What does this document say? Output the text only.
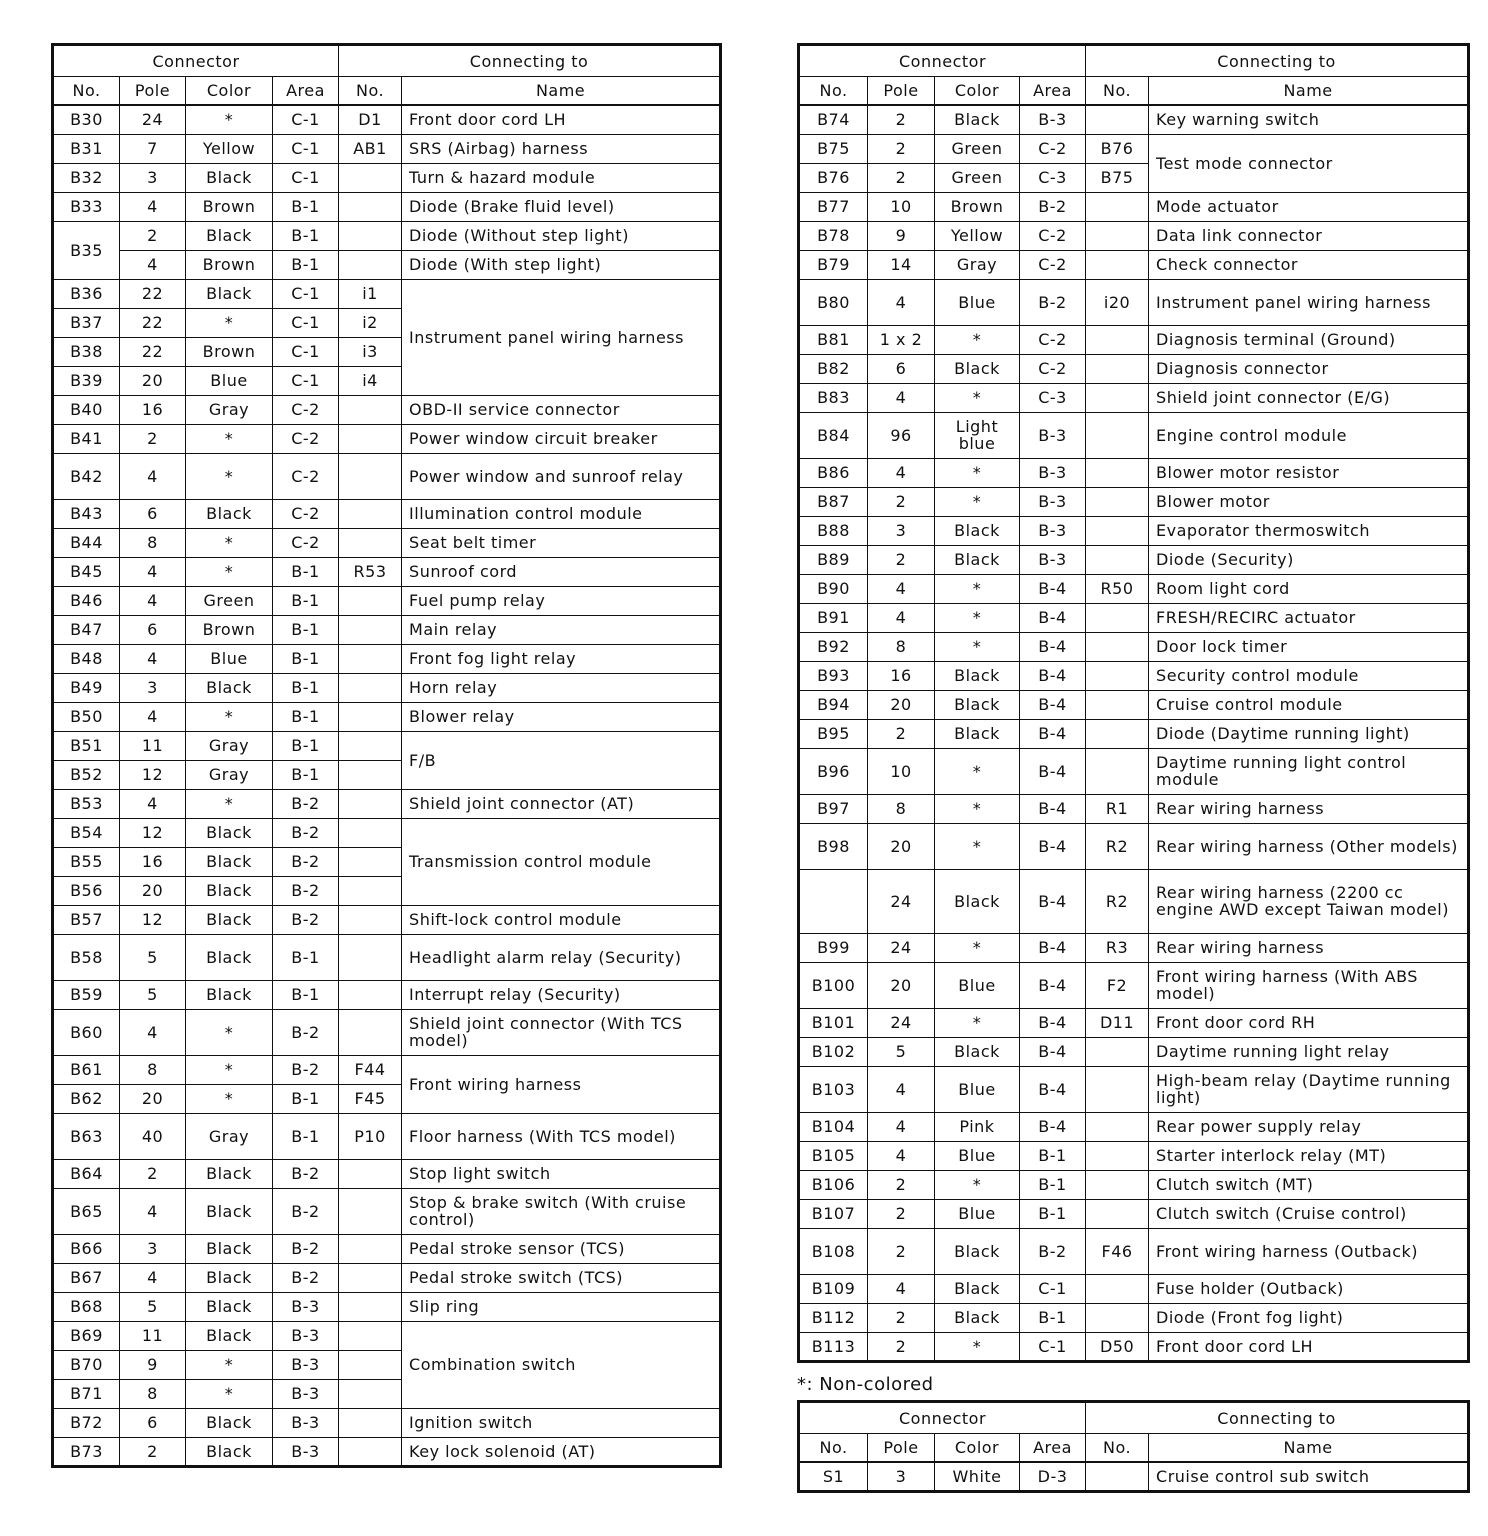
Connector				Connecting to	
No.	Pole	Color	Area	No.	Name
B30	24	*	C-1	D1	Front door cord LH
B31	7	Yellow	C-1	AB1	SRS (Airbag) harness
B32	3	Black	C-1		Turn & hazard module
B33	4	Brown	B-1		Diode (Brake fluid level)
B35	2	Black	B-1		Diode (Without step light)
	4	Brown	B-1		Diode (With step light)
B36	22	Black	C-1	i1	Instrument panel wiring harness
B37	22	*	C-1	i2	
B38	22	Brown	C-1	i3	
B39	20	Blue	C-1	i4	
B40	16	Gray	C-2		OBD-II service connector
B41	2	*	C-2		Power window circuit breaker
B42	4	*	C-2		Power window and sunroof relay
B43	6	Black	C-2		Illumination control module
B44	8	*	C-2		Seat belt timer
B45	4	*	B-1	R53	Sunroof cord
B46	4	Green	B-1		Fuel pump relay
B47	6	Brown	B-1		Main relay
B48	4	Blue	B-1		Front fog light relay
B49	3	Black	B-1		Horn relay
B50	4	*	B-1		Blower relay
B51	11	Gray	B-1		F/B
B52	12	Gray	B-1		
B53	4	*	B-2		Shield joint connector (AT)
B54	12	Black	B-2		Transmission control module
B55	16	Black	B-2		
B56	20	Black	B-2		
B57	12	Black	B-2		Shift-lock control module
B58	5	Black	B-1		Headlight alarm relay (Security)
B59	5	Black	B-1		Interrupt relay (Security)
B60	4	*	B-2		Shield joint connector (With TCS model)
B61	8	*	B-2	F44	Front wiring harness
B62	20	*	B-1	F45	
B63	40	Gray	B-1	P10	Floor harness (With TCS model)
B64	2	Black	B-2		Stop light switch
B65	4	Black	B-2		Stop & brake switch (With cruise control)
B66	3	Black	B-2		Pedal stroke sensor (TCS)
B67	4	Black	B-2		Pedal stroke switch (TCS)
B68	5	Black	B-3		Slip ring
B69	11	Black	B-3		Combination switch
B70	9	*	B-3		
B71	8	*	B-3		
B72	6	Black	B-3		Ignition switch
B73	2	Black	B-3		Key lock solenoid (AT)
Connector				Connecting to	
No.	Pole	Color	Area	No.	Name
B74	2	Black	B-3		Key warning switch
B75	2	Green	C-2	B76	Test mode connector
B76	2	Green	C-3	B75	
B77	10	Brown	B-2		Mode actuator
B78	9	Yellow	C-2		Data link connector
B79	14	Gray	C-2		Check connector
B80	4	Blue	B-2	i20	Instrument panel wiring harness
B81	1 x 2	*	C-2		Diagnosis terminal (Ground)
B82	6	Black	C-2		Diagnosis connector
B83	4	*	C-3		Shield joint connector (E/G)
B84	96	Light blue	B-3		Engine control module
B86	4	*	B-3		Blower motor resistor
B87	2	*	B-3		Blower motor
B88	3	Black	B-3		Evaporator thermoswitch
B89	2	Black	B-3		Diode (Security)
B90	4	*	B-4	R50	Room light cord
B91	4	*	B-4		FRESH/RECIRC actuator
B92	8	*	B-4		Door lock timer
B93	16	Black	B-4		Security control module
B94	20	Black	B-4		Cruise control module
B95	2	Black	B-4		Diode (Daytime running light)
B96	10	*	B-4		Daytime running light control module
B97	8	*	B-4	R1	Rear wiring harness
B98	20	*	B-4	R2	Rear wiring harness (Other models)
	24	Black	B-4	R2	Rear wiring harness (2200 cc engine AWD except Taiwan model)
B99	24	*	B-4	R3	Rear wiring harness
B100	20	Blue	B-4	F2	Front wiring harness (With ABS model)
B101	24	*	B-4	D11	Front door cord RH
B102	5	Black	B-4		Daytime running light relay
B103	4	Blue	B-4		High-beam relay (Daytime running light)
B104	4	Pink	B-4		Rear power supply relay
B105	4	Blue	B-1		Starter interlock relay (MT)
B106	2	*	B-1		Clutch switch (MT)
B107	2	Blue	B-1		Clutch switch (Cruise control)
B108	2	Black	B-2	F46	Front wiring harness (Outback)
B109	4	Black	C-1		Fuse holder (Outback)
B112	2	Black	B-1		Diode (Front fog light)
B113	2	*	C-1	D50	Front door cord LH
*: Non-colored
Connector				Connecting to	
No.	Pole	Color	Area	No.	Name
S1	3	White	D-3		Cruise control sub switch
